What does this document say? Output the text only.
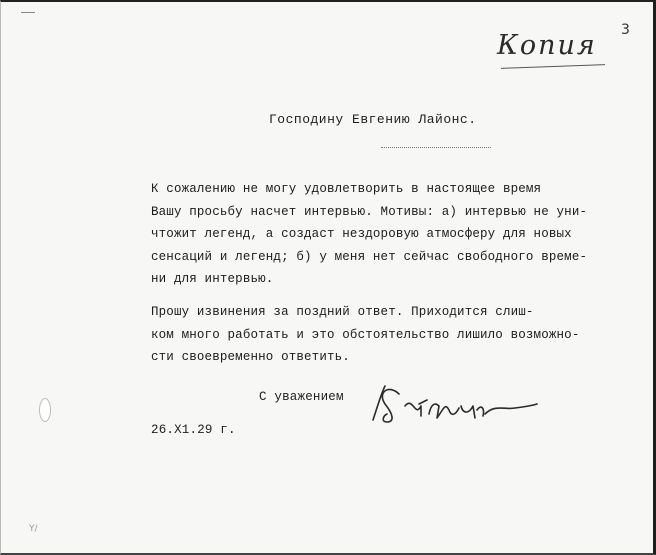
3
Копия
Господину Евгению Лайонс.
К сожалению не могу удовлетворить в настоящее время
Вашу просьбу насчет интервью. Мотивы: а) интервью не уни-
чтожит легенд, а создаст нездоровую атмосферу для новых
сенсаций и легенд; б) у меня нет сейчас свободного време-
ни для интервью.
Прошу извинения за поздний ответ. Приходится слиш-
ком много работать и это обстоятельство лишило возможно-
сти своевременно ответить.
С уважением
26.Х1.29 г.
Y/
